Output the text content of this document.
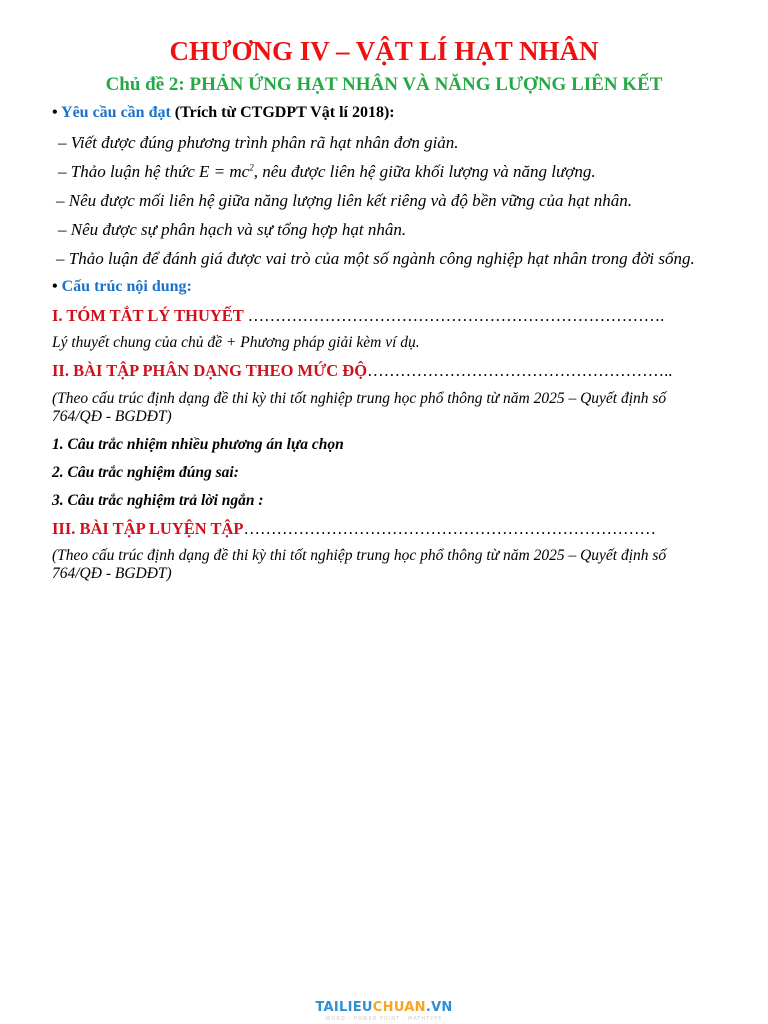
CHƯƠNG IV – VẬT LÍ HẠT NHÂN
Chủ đề 2: PHẢN ỨNG HẠT NHÂN VÀ NĂNG LƯỢNG LIÊN KẾT
• Yêu cầu cần đạt (Trích từ CTGDPT Vật lí 2018):
– Viết được đúng phương trình phân rã hạt nhân đơn giản.
– Thảo luận hệ thức $E = mc^2$, nêu được liên hệ giữa khối lượng và năng lượng.
– Nêu được mối liên hệ giữa năng lượng liên kết riêng và độ bền vững của hạt nhân.
– Nêu được sự phân hạch và sự tổng hợp hạt nhân.
– Thảo luận để đánh giá được vai trò của một số ngành công nghiệp hạt nhân trong đời sống.
• Cấu trúc nội dung:
I. TÓM TẮT LÝ THUYẾT ………………………………………………………………….
Lý thuyết chung của chủ đề + Phương pháp giải kèm ví dụ.
II. BÀI TẬP PHÂN DẠNG THEO MỨC ĐỘ………………………………………………..
(Theo cấu trúc định dạng đề thi kỳ thi tốt nghiệp trung học phổ thông từ năm 2025 – Quyết định số
764/QĐ - BGDĐT)
1. Câu trắc nhiệm nhiều phương án lựa chọn
2. Câu trắc nghiệm đúng sai:
3. Câu trắc nghiệm trả lời ngắn :
III. BÀI TẬP LUYỆN TẬP…………………………………………………………………
(Theo cấu trúc định dạng đề thi kỳ thi tốt nghiệp trung học phổ thông từ năm 2025 – Quyết định số
764/QĐ - BGDĐT)
TAILIEUCHUAN.VN
WORD - POWER POINT - MATHTYPE
